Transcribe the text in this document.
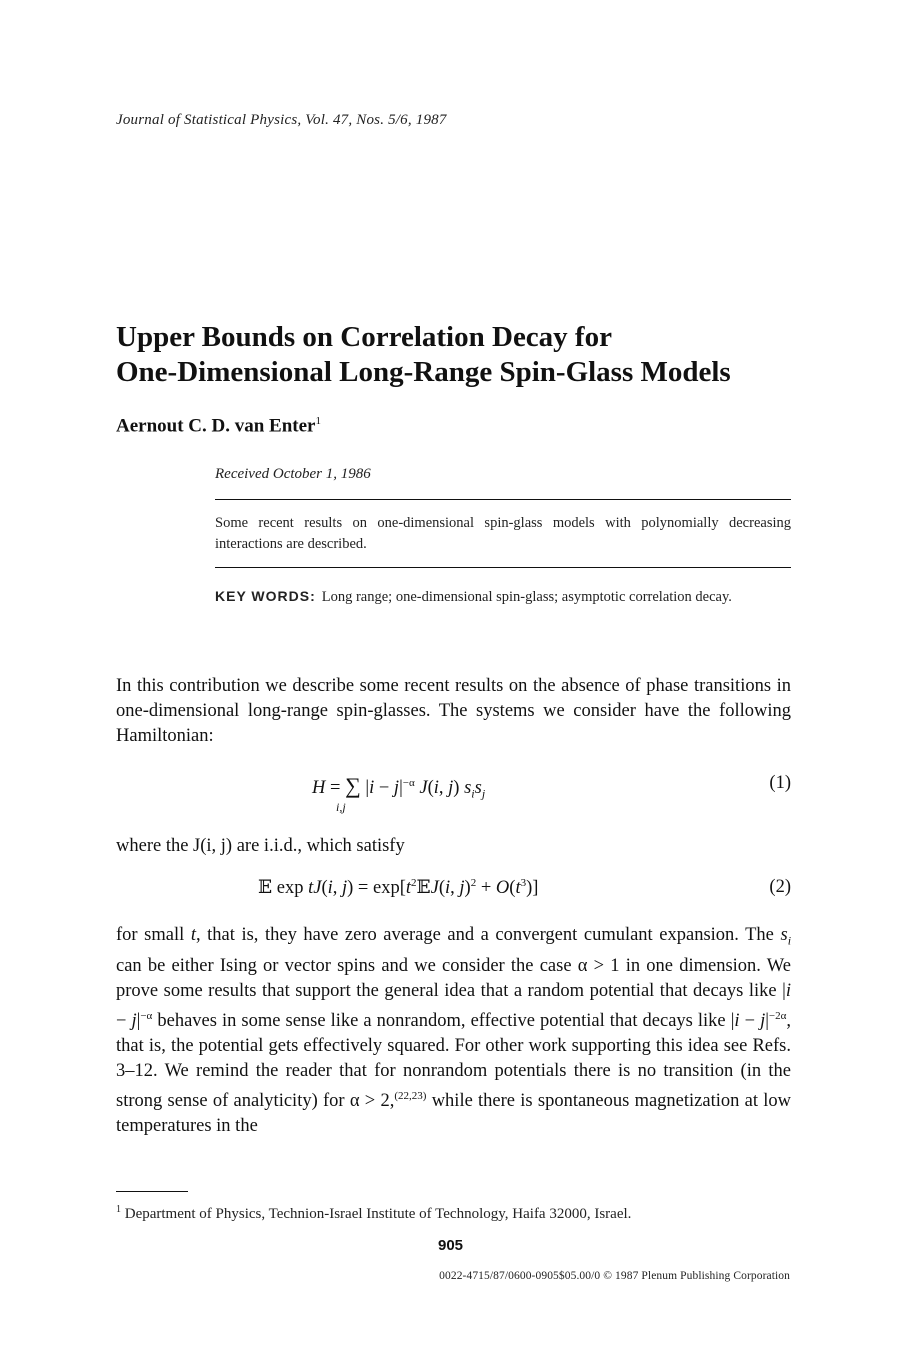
Journal of Statistical Physics, Vol. 47, Nos. 5/6, 1987
Upper Bounds on Correlation Decay for
One-Dimensional Long-Range Spin-Glass Models
Aernout C. D. van Enter$^1$
Received October 1, 1986
Some recent results on one-dimensional spin-glass models with polynomially decreasing interactions are described.
KEY WORDS: Long range; one-dimensional spin-glass; asymptotic correlation decay.
In this contribution we describe some recent results on the absence of phase transitions in one-dimensional long-range spin-glasses. The systems we consider have the following Hamiltonian:
H = ∑ $|i - j|^{-\alpha}$ J(i, j) $s_is_j$
i,j
(1)
where the J(i, j) are i.i.d., which satisfy
𝔼 exp tJ(i, $j) = \exp[t^2𝔼J(i$, $j)^2 + O(t^3)$]	(2)
for small t, that is, they have zero average and a convergent cumulant expansion. The $s_i$ can be either Ising or vector spins and we consider the case α > 1 in one dimension. We prove some results that support the general idea that a random potential that decays like $|i - j|^{-\alpha}$ behaves in some sense like a nonrandom, effective potential that decays like $|i - j|^{-2\alpha}$, that is, the potential gets effectively squared. For other work supporting this idea see Refs. 3–12. We remind the reader that for nonrandom potentials there is no transition (in the strong sense of analyticity) for α > 2,$^{(22,23)}$ while there is spontaneous magnetization at low temperatures in the
$^1$ Department of Physics, Technion-Israel Institute of Technology, Haifa 32000, Israel.
905
0022-4715/87/0600-0905$05.00/0 © 1987 Plenum Publishing Corporation
